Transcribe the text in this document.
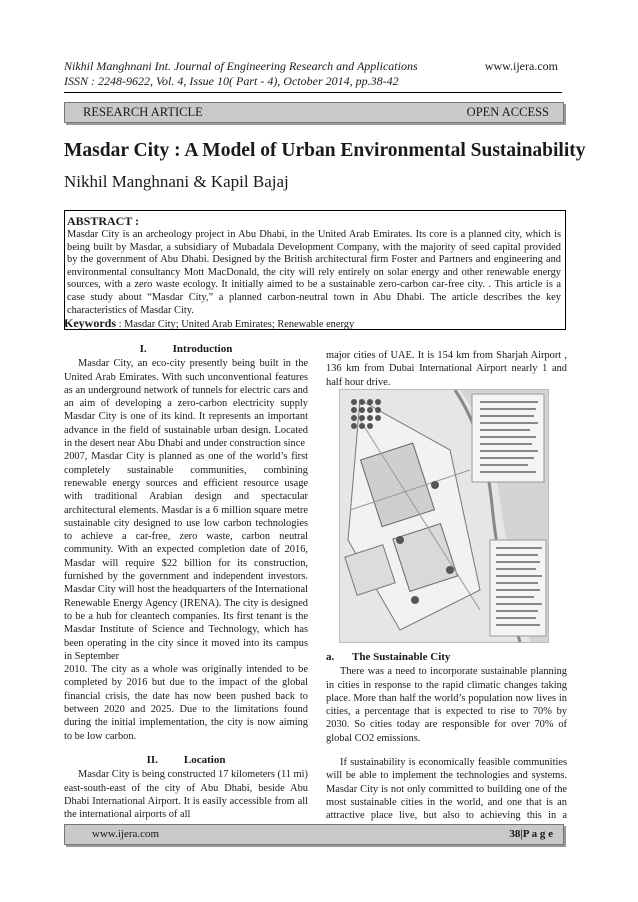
Nikhil Manghnani Int. Journal of Engineering Research and Applications
ISSN : 2248-9622, Vol. 4, Issue 10( Part - 4), October 2014, pp.38-42
www.ijera.com
RESEARCH ARTICLE	OPEN ACCESS
Masdar City : A Model of Urban Environmental Sustainability
Nikhil Manghnani & Kapil Bajaj
ABSTRACT :
Masdar City is an archeology project in Abu Dhabi, in the United Arab Emirates. Its core is a planned city, which is being built by Masdar, a subsidiary of Mubadala Development Company, with the majority of seed capital provided by the government of Abu Dhabi. Designed by the British architectural firm Foster and Partners and engineering and environmental consultancy Mott MacDonald, the city will rely entirely on solar energy and other renewable energy sources, with a zero waste ecology. It initially aimed to be a sustainable zero-carbon car-free city. . This article is a case study about “Masdar City,” a planned carbon-neutral town in Abu Dhabi. The article describes the key characteristics of Masdar City.
Keywords : Masdar City; United Arab Emirates; Renewable energy
I. Introduction

Masdar City, an eco-city presently being built in the United Arab Emirates. With such unconventional features as an underground network of tunnels for electric cars and an aim of developing a zero-carbon electricity supply Masdar City is one of its kind. It represents an important advance in the field of sustainable urban design. Located in the desert near Abu Dhabi and under construction since

2007, Masdar City is planned as one of the world’s first completely sustainable communities, combining renewable energy sources and efficient resource usage with traditional Arabian design and spectacular architectural elements. Masdar is a 6 million square metre sustainable city designed to use low carbon technologies to achieve a car-free, zero waste, carbon neutral community. With an expected completion date of 2016, Masdar will require $22 billion for its construction, furnished by the government and independent investors. Masdar City will host the headquarters of the International Renewable Energy Agency (IRENA). The city is designed to be a hub for cleantech companies. Its first tenant is the Masdar Institute of Science and Technology, which has been operating in the city since it moved into its campus in September

2010. The city as a whole was originally intended to be completed by 2016 but due to the impact of the global financial crisis, the date has now been pushed back to between 2020 and 2025. Due to the limitations found during the initial implementation, the city is now aiming to be low carbon.

II. Location

Masdar City is being constructed 17 kilometers (11 mi) east-south-east of the city of Abu Dhabi, beside Abu Dhabi International Airport. It is easily accessible from all the international airports of all

major cities of UAE. It is 154 km from Sharjah Airport , 136 km from Dubai International Airport nearly 1 and half hour drive.

a. The Sustainable City

There was a need to incorporate sustainable planning in cities in response to the rapid climatic changes taking place. More than half the world’s population now lives in cities, a percentage that is expected to rise to 70% by 2030. So cities today are responsible for over 70% of global CO2 emissions.

If sustainability is economically feasible communities will be able to implement the technologies and systems. Masdar City is not only committed to building one of the most sustainable cities in the world, and one that is an attractive place live, but also to achieving this in a

www.ijera.com	38|P a g e
